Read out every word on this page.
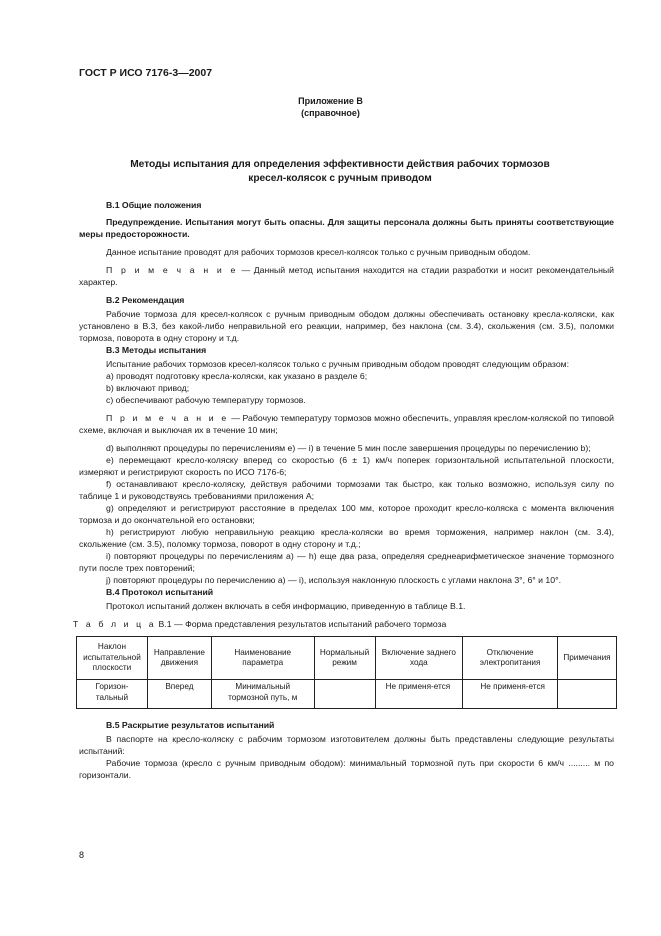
ГОСТ Р ИСО 7176-3—2007
Приложение B
(справочное)
Методы испытания для определения эффективности действия рабочих тормозов
кресел-колясок с ручным приводом
B.1 Общие положения

Предупреждение. Испытания могут быть опасны. Для защиты персонала должны быть приняты соответствующие меры предосторожности.

Данное испытание проводят для рабочих тормозов кресел-колясок только с ручным приводным ободом.

П р и м е ч а н и е — Данный метод испытания находится на стадии разработки и носит рекомендательный характер.

B.2 Рекомендация

Рабочие тормоза для кресел-колясок с ручным приводным ободом должны обеспечивать остановку кресла-коляски, как установлено в B.3, без какой-либо неправильной его реакции, например, без наклона (см. 3.4), скольжения (см. 3.5), поломки тормоза, поворота в одну сторону и т.д.

B.3 Методы испытания

Испытание рабочих тормозов кресел-колясок только с ручным приводным ободом проводят следующим образом:

a) проводят подготовку кресла-коляски, как указано в разделе 6;

b) включают привод;

c) обеспечивают рабочую температуру тормозов.

П р и м е ч а н и е — Рабочую температуру тормозов можно обеспечить, управляя креслом-коляской по типовой схеме, включая и выключая их в течение 10 мин;

d) выполняют процедуры по перечислениям e) — i) в течение 5 мин после завершения процедуры по перечислению b);

e) перемещают кресло-коляску вперед со скоростью (6 ± 1) км/ч поперек горизонтальной испытательной плоскости, измеряют и регистрируют скорость по ИСО 7176-6;

f) останавливают кресло-коляску, действуя рабочими тормозами так быстро, как только возможно, используя силу по таблице 1 и руководствуясь требованиями приложения А;

g) определяют и регистрируют расстояние в пределах 100 мм, которое проходит кресло-коляска с момента включения тормоза и до окончательной его остановки;

h) регистрируют любую неправильную реакцию кресла-коляски во время торможения, например наклон (см. 3.4), скольжение (см. 3.5), поломку тормоза, поворот в одну сторону и т.д.;

i) повторяют процедуры по перечислениям a) — h) еще два раза, определяя среднеарифметическое значение тормозного пути после трех повторений;

j) повторяют процедуры по перечислению a) — i), используя наклонную плоскость с углами наклона 3°, 6° и 10°.

B.4 Протокол испытаний

Протокол испытаний должен включать в себя информацию, приведенную в таблице B.1.

Т а б л и ц а B.1 — Форма представления результатов испытаний рабочего тормоза
Наклон испытательной плоскости	Направление движения	Наименование параметра	Нормальный режим	Включение заднего хода	Отключение электропитания	Примечания
Горизон-тальный	Вперед	Минимальный тормозной путь, м		Не применя-ется	Не применя-ется	
B.5 Раскрытие результатов испытаний

В паспорте на кресло-коляску с рабочим тормозом изготовителем должны быть представлены следующие результаты испытаний:

Рабочие тормоза (кресло с ручным приводным ободом): минимальный тормозной путь при скорости 6 км/ч ......... м по горизонтали.

8
